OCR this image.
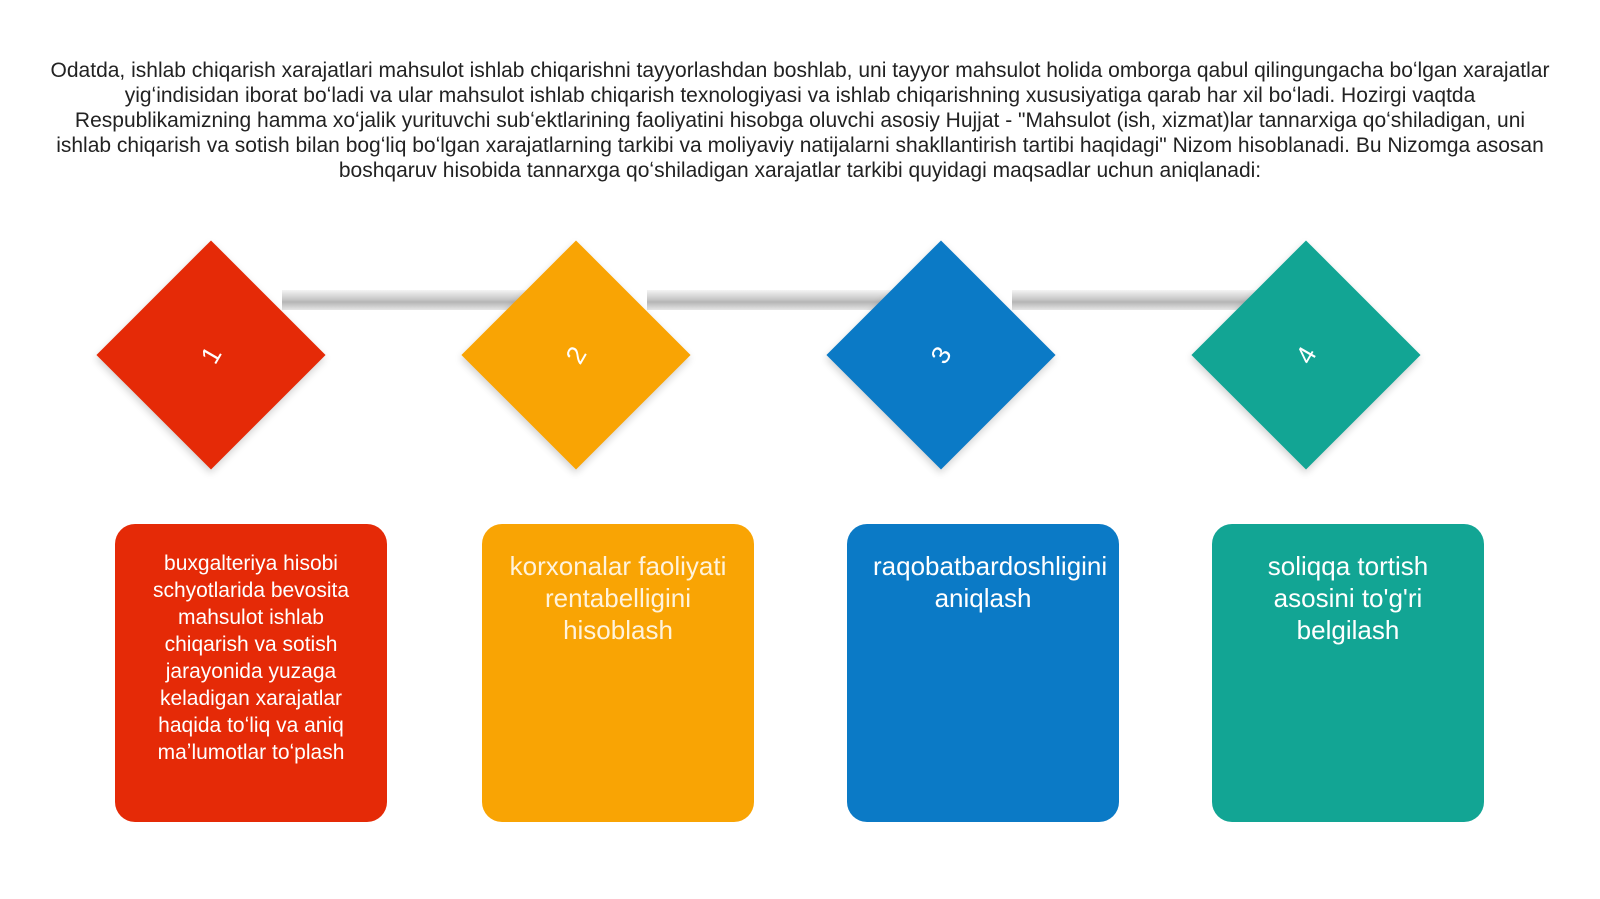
Odatda, ishlab chiqarish xarajatlari mahsulot ishlab chiqarishni tayyorlashdan boshlab, uni tayyor mahsulot holida omborga qabul qilingungacha boʻlgan xarajatlar yigʻindisidan iborat boʻladi va ular mahsulot ishlab chiqarish texnologiyasi va ishlab chiqarishning xususiyatiga qarab har xil boʻladi. Hozirgi vaqtda Respublikamizning hamma xoʻjalik yurituvchi subʻektlarining faoliyatini hisobga oluvchi asosiy Hujjat - "Mahsulot (ish, xizmat)lar tannarxiga qoʻshiladigan, uni ishlab chiqarish va sotish bilan bogʻliq boʻlgan xarajatlarning tarkibi va moliyaviy natijalarni shakllantirish tartibi haqidagi" Nizom hisoblanadi. Bu Nizomga asosan boshqaruv hisobida tannarxga qoʻshiladigan xarajatlar tarkibi quyidagi maqsadlar uchun aniqlanadi:
1	2	3	4
buxgalteriya hisobi schyotlarida bevosita mahsulot ishlab chiqarish va sotish jarayonida yuzaga keladigan xarajatlar haqida toʻliq va aniq maʼlumotlar toʻplash
korxonalar faoliyati rentabelligini hisoblash
raqobatbardoshligini aniqlash
soliqqa tortish asosini to'g'ri belgilash
